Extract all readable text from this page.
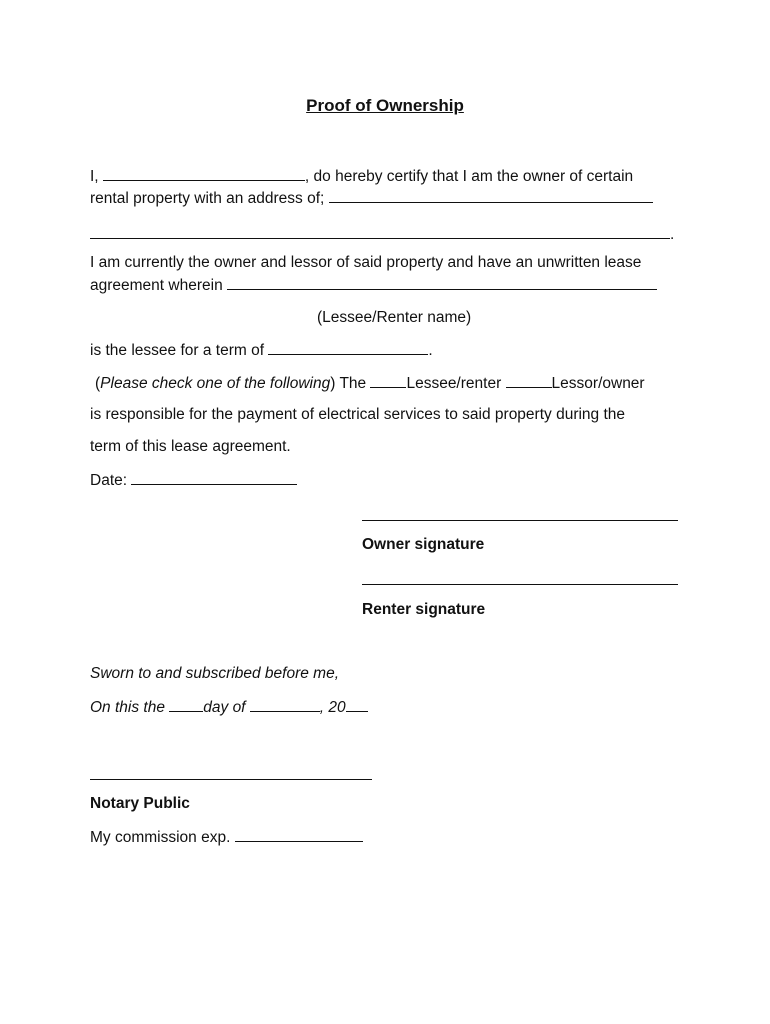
Proof of Ownership
I,	, do hereby certify that I am the owner of certain
rental property with an address of;
.
I am currently the owner and lessor of said property and have an unwritten lease
agreement wherein
(Lessee/Renter name)
is the lessee for a term of	.
(Please check one of the following) The Lessee/renter	Lessor/owner
is responsible for the payment of electrical services to said property during the
term of this lease agreement.
Date:
Owner signature
Renter signature
Sworn to and subscribed before me,
On this the day of	, 20
Notary Public
My commission exp.
